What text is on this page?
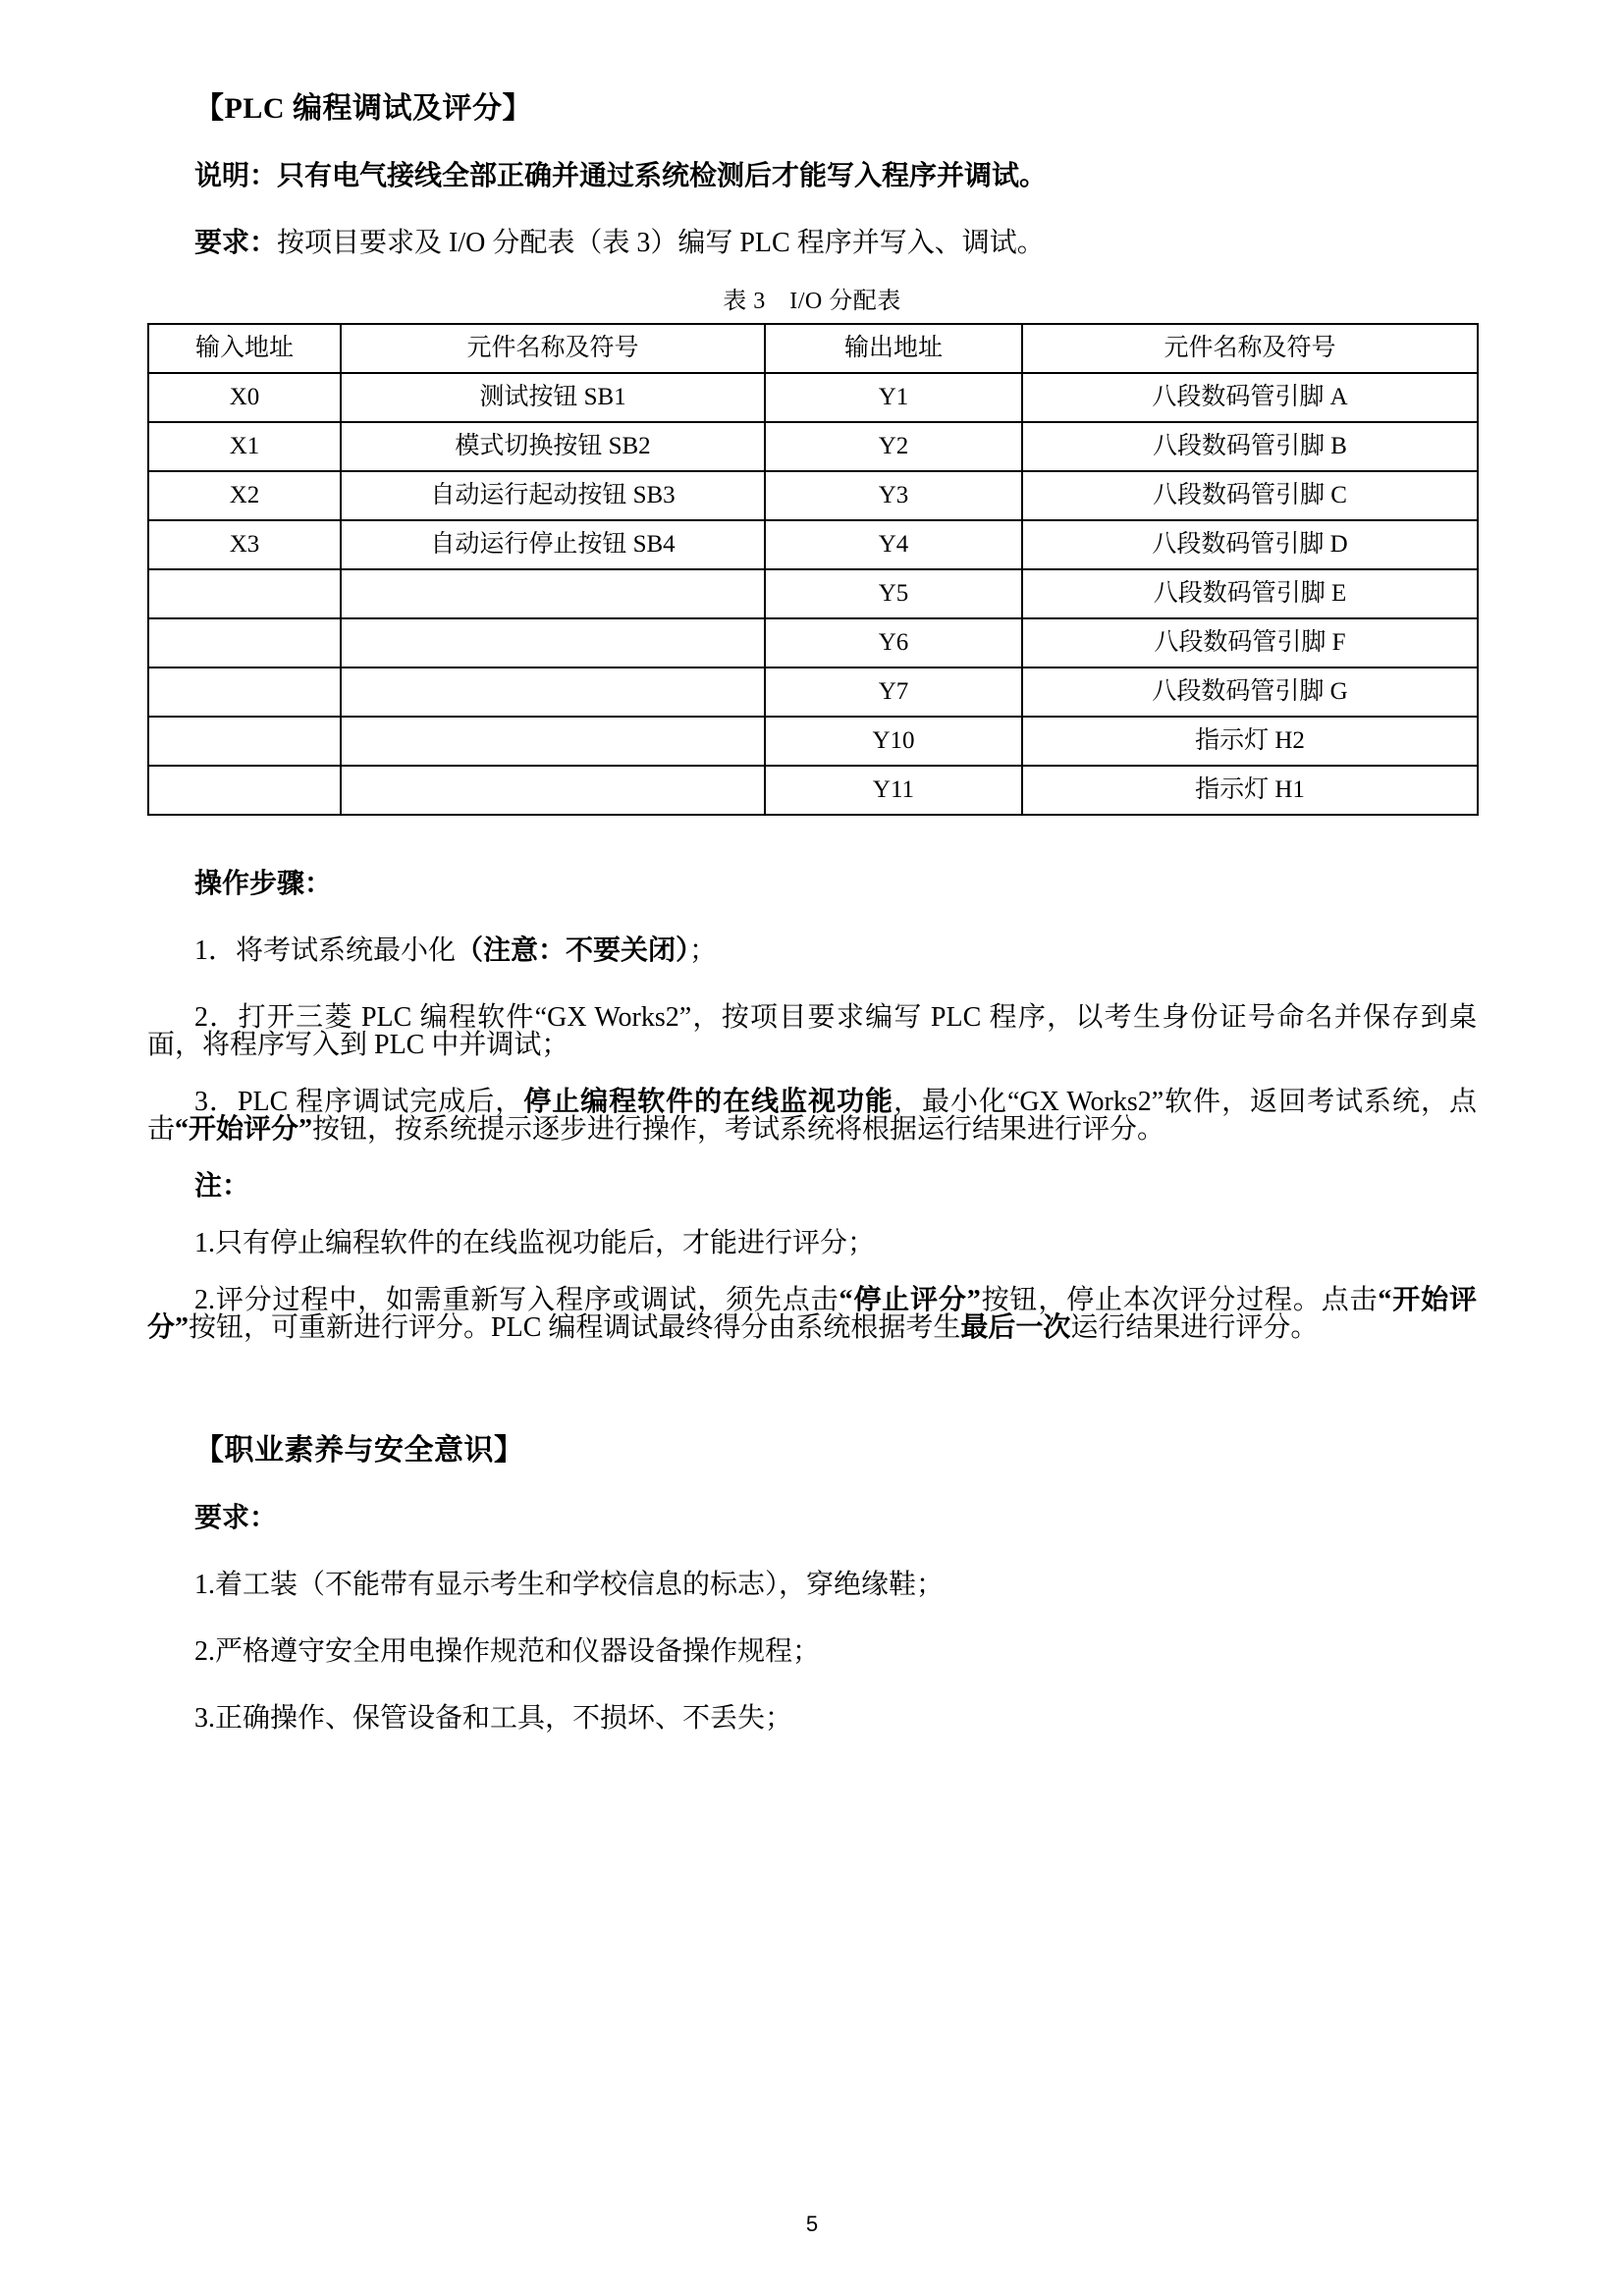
【PLC 编程调试及评分】

说明：只有电气接线全部正确并通过系统检测后才能写入程序并调试。

要求：按项目要求及 I/O 分配表（表 3）编写 PLC 程序并写入、调试。

表 3　I/O 分配表
输入地址	元件名称及符号	输出地址	元件名称及符号
X0	测试按钮 SB1	Y1	八段数码管引脚 A
X1	模式切换按钮 SB2	Y2	八段数码管引脚 B
X2	自动运行起动按钮 SB3	Y3	八段数码管引脚 C
X3	自动运行停止按钮 SB4	Y4	八段数码管引脚 D
		Y5	八段数码管引脚 E
		Y6	八段数码管引脚 F
		Y7	八段数码管引脚 G
		Y10	指示灯 H2
		Y11	指示灯 H1

操作步骤：

1．将考试系统最小化（注意：不要关闭）；

2．打开三菱 PLC 编程软件“GX Works2”，按项目要求编写 PLC 程序，以考生身份证号命名并保存到桌面，将程序写入到 PLC 中并调试；

3．PLC 程序调试完成后，停止编程软件的在线监视功能，最小化“GX Works2”软件，返回考试系统，点击“开始评分”按钮，按系统提示逐步进行操作，考试系统将根据运行结果进行评分。

注：

1.只有停止编程软件的在线监视功能后，才能进行评分；

2.评分过程中，如需重新写入程序或调试，须先点击“停止评分”按钮，停止本次评分过程。点击“开始评分”按钮，可重新进行评分。PLC 编程调试最终得分由系统根据考生最后一次运行结果进行评分。

【职业素养与安全意识】

要求：

1.着工装（不能带有显示考生和学校信息的标志），穿绝缘鞋；

2.严格遵守安全用电操作规范和仪器设备操作规程；

3.正确操作、保管设备和工具，不损坏、不丢失；

5
